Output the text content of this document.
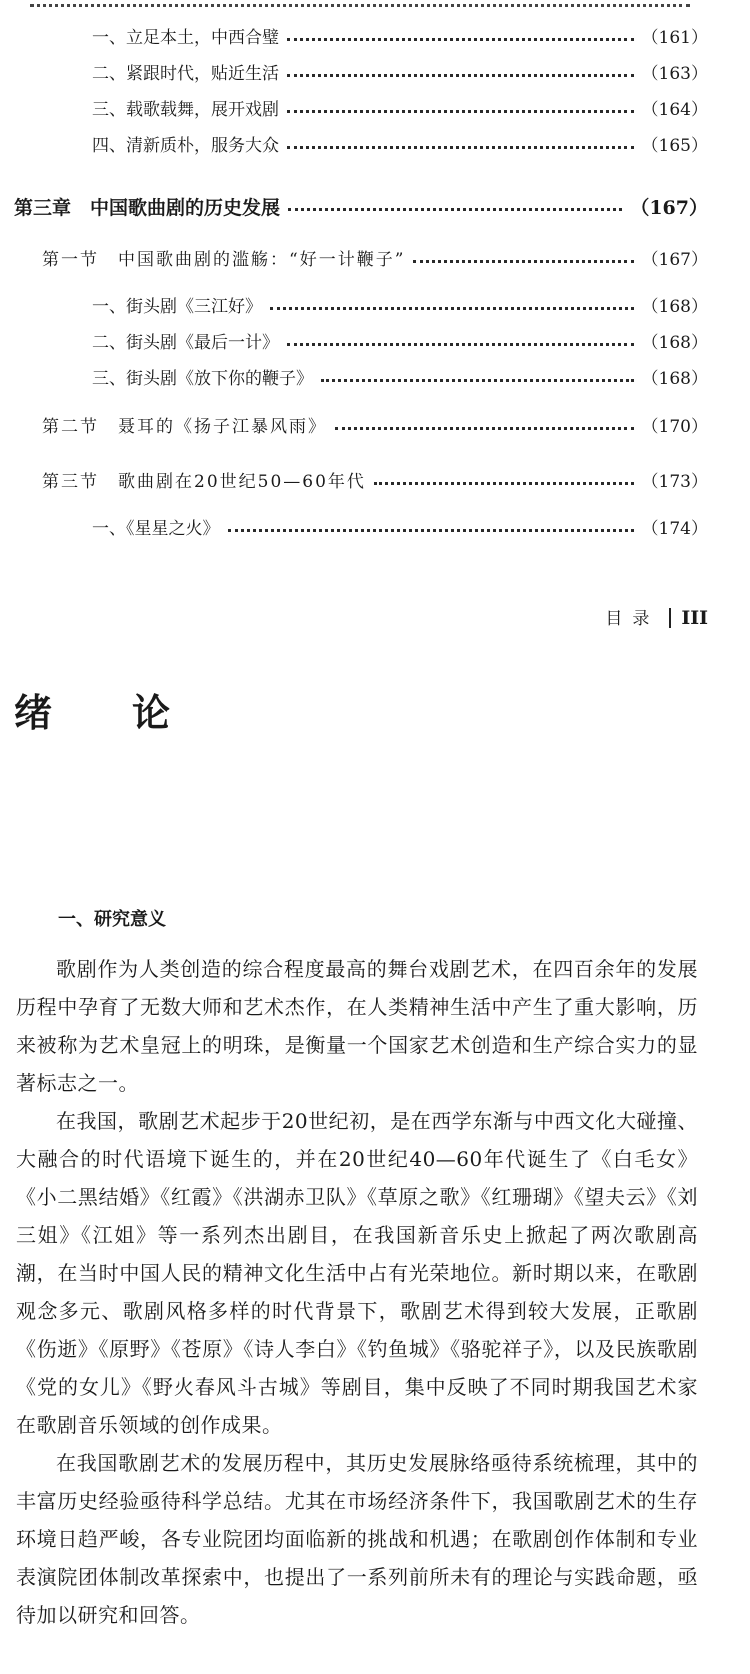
一、立足本土，中西合璧	（161）
二、紧跟时代，贴近生活	（163）
三、载歌载舞，展开戏剧	（164）
四、清新质朴，服务大众	（165）
第三章　中国歌曲剧的历史发展	（167）
第一节　中国歌曲剧的滥觞：“好一计鞭子”	（167）
一、街头剧《三江好》	（168）
二、街头剧《最后一计》	（168）
三、街头剧《放下你的鞭子》	（168）
第二节　聂耳的《扬子江暴风雨》	（170）
第三节　歌曲剧在20世纪50—60年代	（173）
一、《星星之火》	（174）
目录 III
绪论
一、研究意义

歌剧作为人类创造的综合程度最高的舞台戏剧艺术，在四百余年的发展历程中孕育了无数大师和艺术杰作，在人类精神生活中产生了重大影响，历来被称为艺术皇冠上的明珠，是衡量一个国家艺术创造和生产综合实力的显著标志之一。

在我国，歌剧艺术起步于20世纪初，是在西学东渐与中西文化大碰撞、大融合的时代语境下诞生的，并在20世纪40—60年代诞生了《白毛女》《小二黑结婚》《红霞》《洪湖赤卫队》《草原之歌》《红珊瑚》《望夫云》《刘三姐》《江姐》等一系列杰出剧目，在我国新音乐史上掀起了两次歌剧高潮，在当时中国人民的精神文化生活中占有光荣地位。新时期以来，在歌剧观念多元、歌剧风格多样的时代背景下，歌剧艺术得到较大发展，正歌剧《伤逝》《原野》《苍原》《诗人李白》《钓鱼城》《骆驼祥子》，以及民族歌剧《党的女儿》《野火春风斗古城》等剧目，集中反映了不同时期我国艺术家在歌剧音乐领域的创作成果。

在我国歌剧艺术的发展历程中，其历史发展脉络亟待系统梳理，其中的丰富历史经验亟待科学总结。尤其在市场经济条件下，我国歌剧艺术的生存环境日趋严峻，各专业院团均面临新的挑战和机遇；在歌剧创作体制和专业表演院团体制改革探索中，也提出了一系列前所未有的理论与实践命题，亟待加以研究和回答。
